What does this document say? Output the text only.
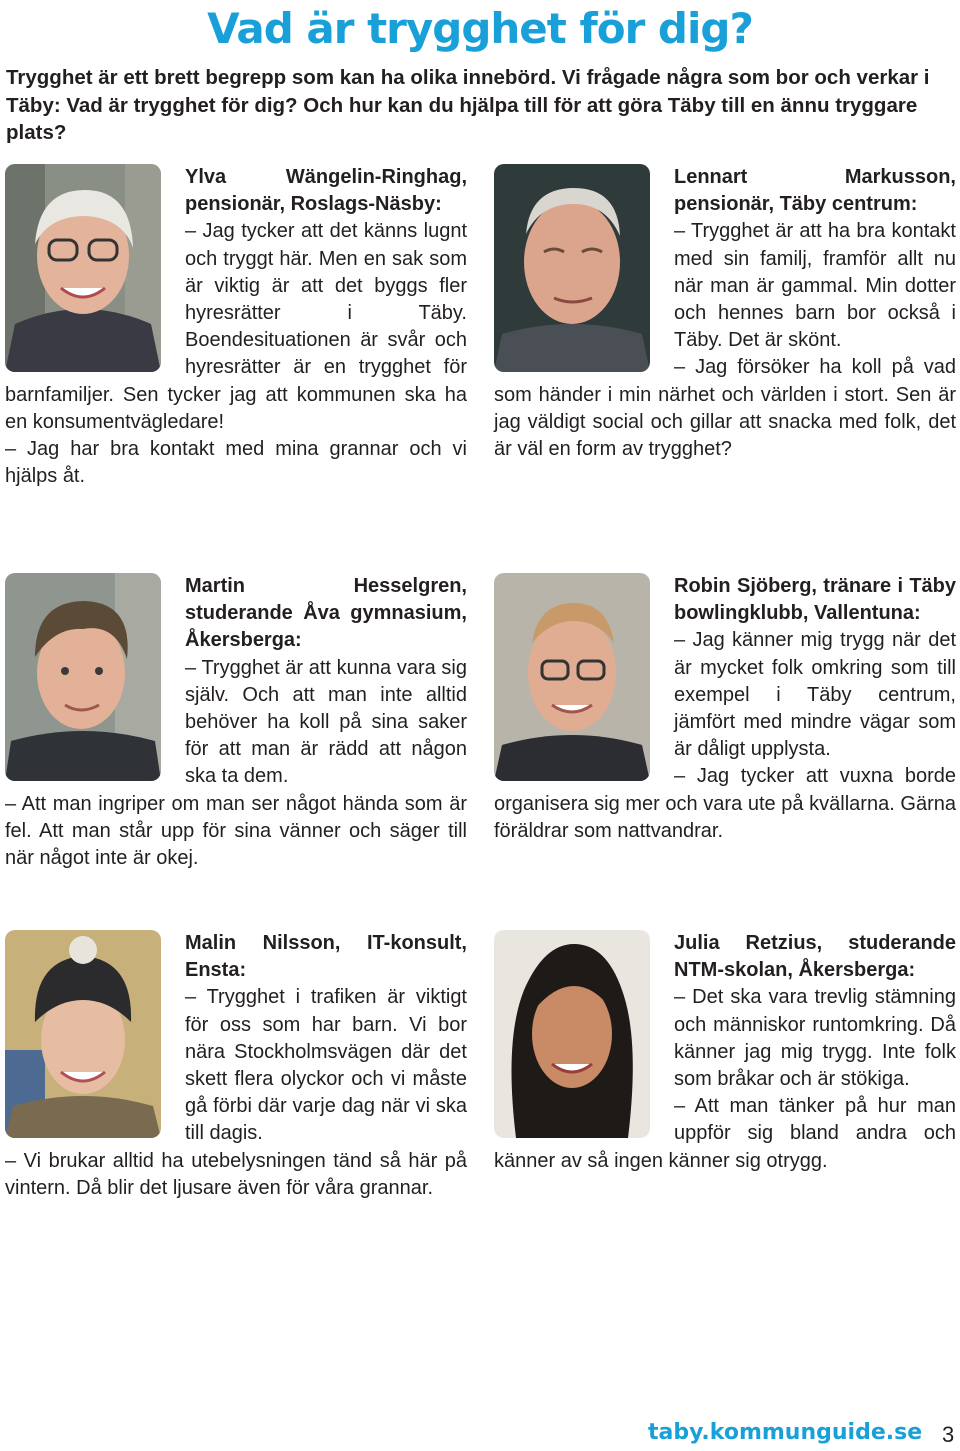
Vad är trygghet för dig?
Trygghet är ett brett begrepp som kan ha olika innebörd. Vi frågade några som bor och verkar i Täby: Vad är trygghet för dig? Och hur kan du hjälpa till för att göra Täby till en ännu tryggare plats?

Ylva Wängelin-Ringhag, pensionär, Roslags-Näsby:
– Jag tycker att det känns lugnt och tryggt här. Men en sak som är viktig är att det byggs fler hyresrätter i Täby. Boendesituationen är svår och hyresrätter är en trygghet för barnfamiljer. Sen tycker jag att kommunen ska ha en konsumentvägledare!

– Jag har bra kontakt med mina grannar och vi hjälps åt.

Lennart Markusson, pensionär, Täby centrum:
– Trygghet är att ha bra kontakt med sin familj, framför allt nu när man är gammal. Min dotter och hennes barn bor också i Täby. Det är skönt.

– Jag försöker ha koll på vad som händer i min närhet och världen i stort. Sen är jag väldigt social och gillar att snacka med folk, det är väl en form av trygghet?

Martin Hesselgren, studerande Åva gymnasium, Åkersberga:
– Trygghet är att kunna vara sig själv. Och att man inte alltid behöver ha koll på sina saker för att man är rädd att någon ska ta dem.

– Att man ingriper om man ser något hända som är fel. Att man står upp för sina vänner och säger till när något inte är okej.

Robin Sjöberg, tränare i Täby bowlingklubb, Vallentuna:
– Jag känner mig trygg när det är mycket folk omkring som till exempel i Täby centrum, jämfört med mindre vägar som är dåligt upplysta.

– Jag tycker att vuxna borde organisera sig mer och vara ute på kvällarna. Gärna föräldrar som nattvandrar.

Malin Nilsson, IT-konsult, Ensta:
– Trygghet i trafiken är viktigt för oss som har barn. Vi bor nära Stockholmsvägen där det skett flera olyckor och vi måste gå förbi där varje dag när vi ska till dagis.

– Vi brukar alltid ha utebelysningen tänd så här på vintern. Då blir det ljusare även för våra grannar.

Julia Retzius, studerande NTM-skolan, Åkersberga:
– Det ska vara trevlig stämning och människor runtomkring. Då känner jag mig trygg. Inte folk som bråkar och är stökiga.

– Att man tänker på hur man uppför sig bland andra och känner av så ingen känner sig otrygg.

taby.kommunguide.se 3
